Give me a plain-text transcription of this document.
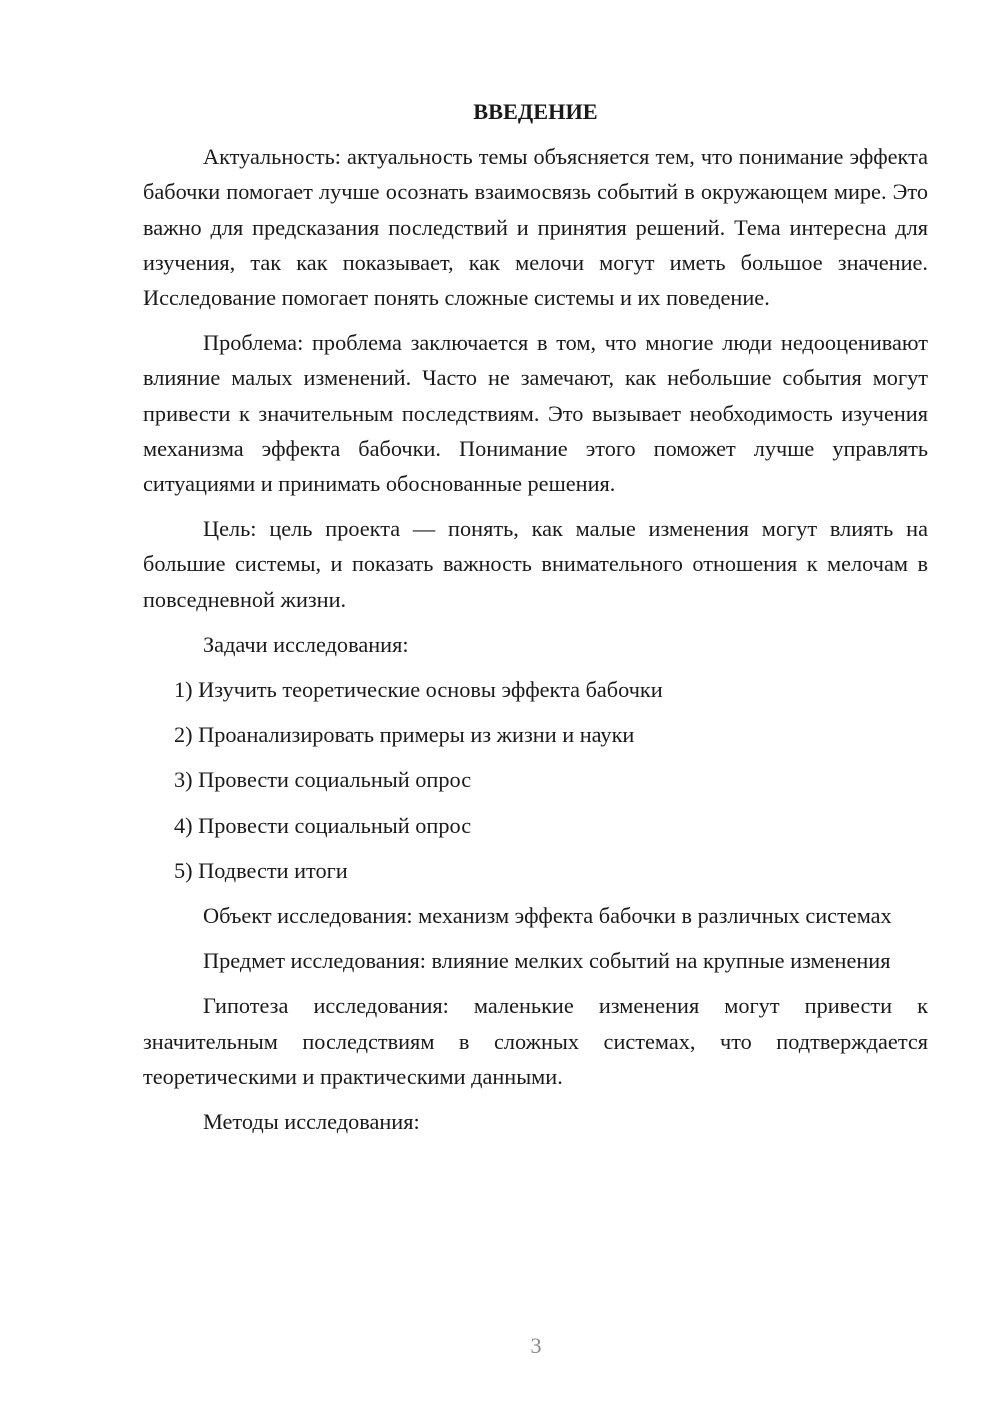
ВВЕДЕНИЕ

Актуальность: актуальность темы объясняется тем, что понимание эффекта бабочки помогает лучше осознать взаимосвязь событий в окружающем мире. Это важно для предсказания последствий и принятия решений. Тема интересна для изучения, так как показывает, как мелочи могут иметь большое значение. Исследование помогает понять сложные системы и их поведение.

Проблема: проблема заключается в том, что многие люди недооценивают влияние малых изменений. Часто не замечают, как небольшие события могут привести к значительным последствиям. Это вызывает необходимость изучения механизма эффекта бабочки. Понимание этого поможет лучше управлять ситуациями и принимать обоснованные решения.

Цель: цель проекта — понять, как малые изменения могут влиять на большие системы, и показать важность внимательного отношения к мелочам в повседневной жизни.

Задачи исследования:

1) Изучить теоретические основы эффекта бабочки
2) Проанализировать примеры из жизни и науки
3) Провести социальный опрос
4) Провести социальный опрос
5) Подвести итоги

Объект исследования: механизм эффекта бабочки в различных системах

Предмет исследования: влияние мелких событий на крупные изменения

Гипотеза исследования: маленькие изменения могут привести к значительным последствиям в сложных системах, что подтверждается теоретическими и практическими данными.

Методы исследования:

3
